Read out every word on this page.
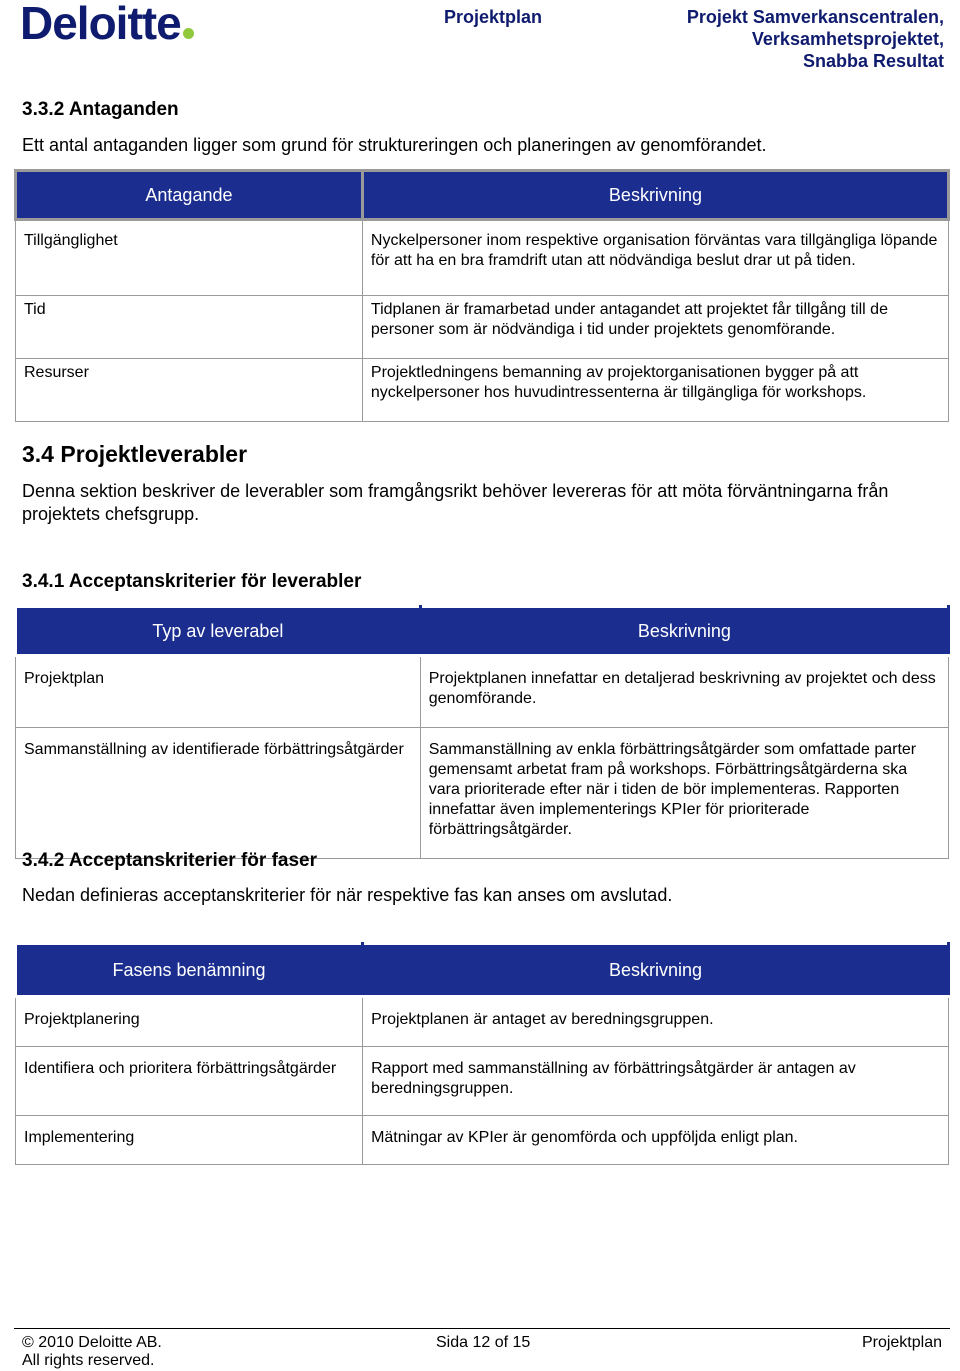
Deloitte	Projektplan	Projekt Samverkanscentralen,
Verksamhetsprojektet,
Snabba Resultat
3.3.2 Antaganden
Ett antal antaganden ligger som grund för struktureringen och planeringen av genomförandet.
Antagande	Beskrivning
Tillgänglighet	Nyckelpersoner inom respektive organisation förväntas vara tillgängliga löpande för att ha en bra framdrift utan att nödvändiga beslut drar ut på tiden.
Tid	Tidplanen är framarbetad under antagandet att projektet får tillgång till de personer som är nödvändiga i tid under projektets genomförande.
Resurser	Projektledningens bemanning av projektorganisationen bygger på att nyckelpersoner hos huvudintressenterna är tillgängliga för workshops.
3.4 Projektleverabler
Denna sektion beskriver de leverabler som framgångsrikt behöver levereras för att möta förväntningarna från projektets chefsgrupp.
3.4.1 Acceptanskriterier för leverabler
Typ av leverabel	Beskrivning
Projektplan	Projektplanen innefattar en detaljerad beskrivning av projektet och dess genomförande.
Sammanställning av identifierade förbättringsåtgärder	Sammanställning av enkla förbättringsåtgärder som omfattade parter gemensamt arbetat fram på workshops. Förbättringsåtgärderna ska vara prioriterade efter när i tiden de bör implementeras. Rapporten innefattar även implementerings KPIer för prioriterade förbättringsåtgärder.
3.4.2 Acceptanskriterier för faser
Nedan definieras acceptanskriterier för när respektive fas kan anses om avslutad.
Fasens benämning	Beskrivning
Projektplanering	Projektplanen är antaget av beredningsgruppen.
Identifiera och prioritera förbättringsåtgärder	Rapport med sammanställning av förbättringsåtgärder är antagen av beredningsgruppen.
Implementering	Mätningar av KPIer är genomförda och uppföljda enligt plan.
© 2010 Deloitte AB.
All rights reserved.
Sida 12 of 15	Projektplan
